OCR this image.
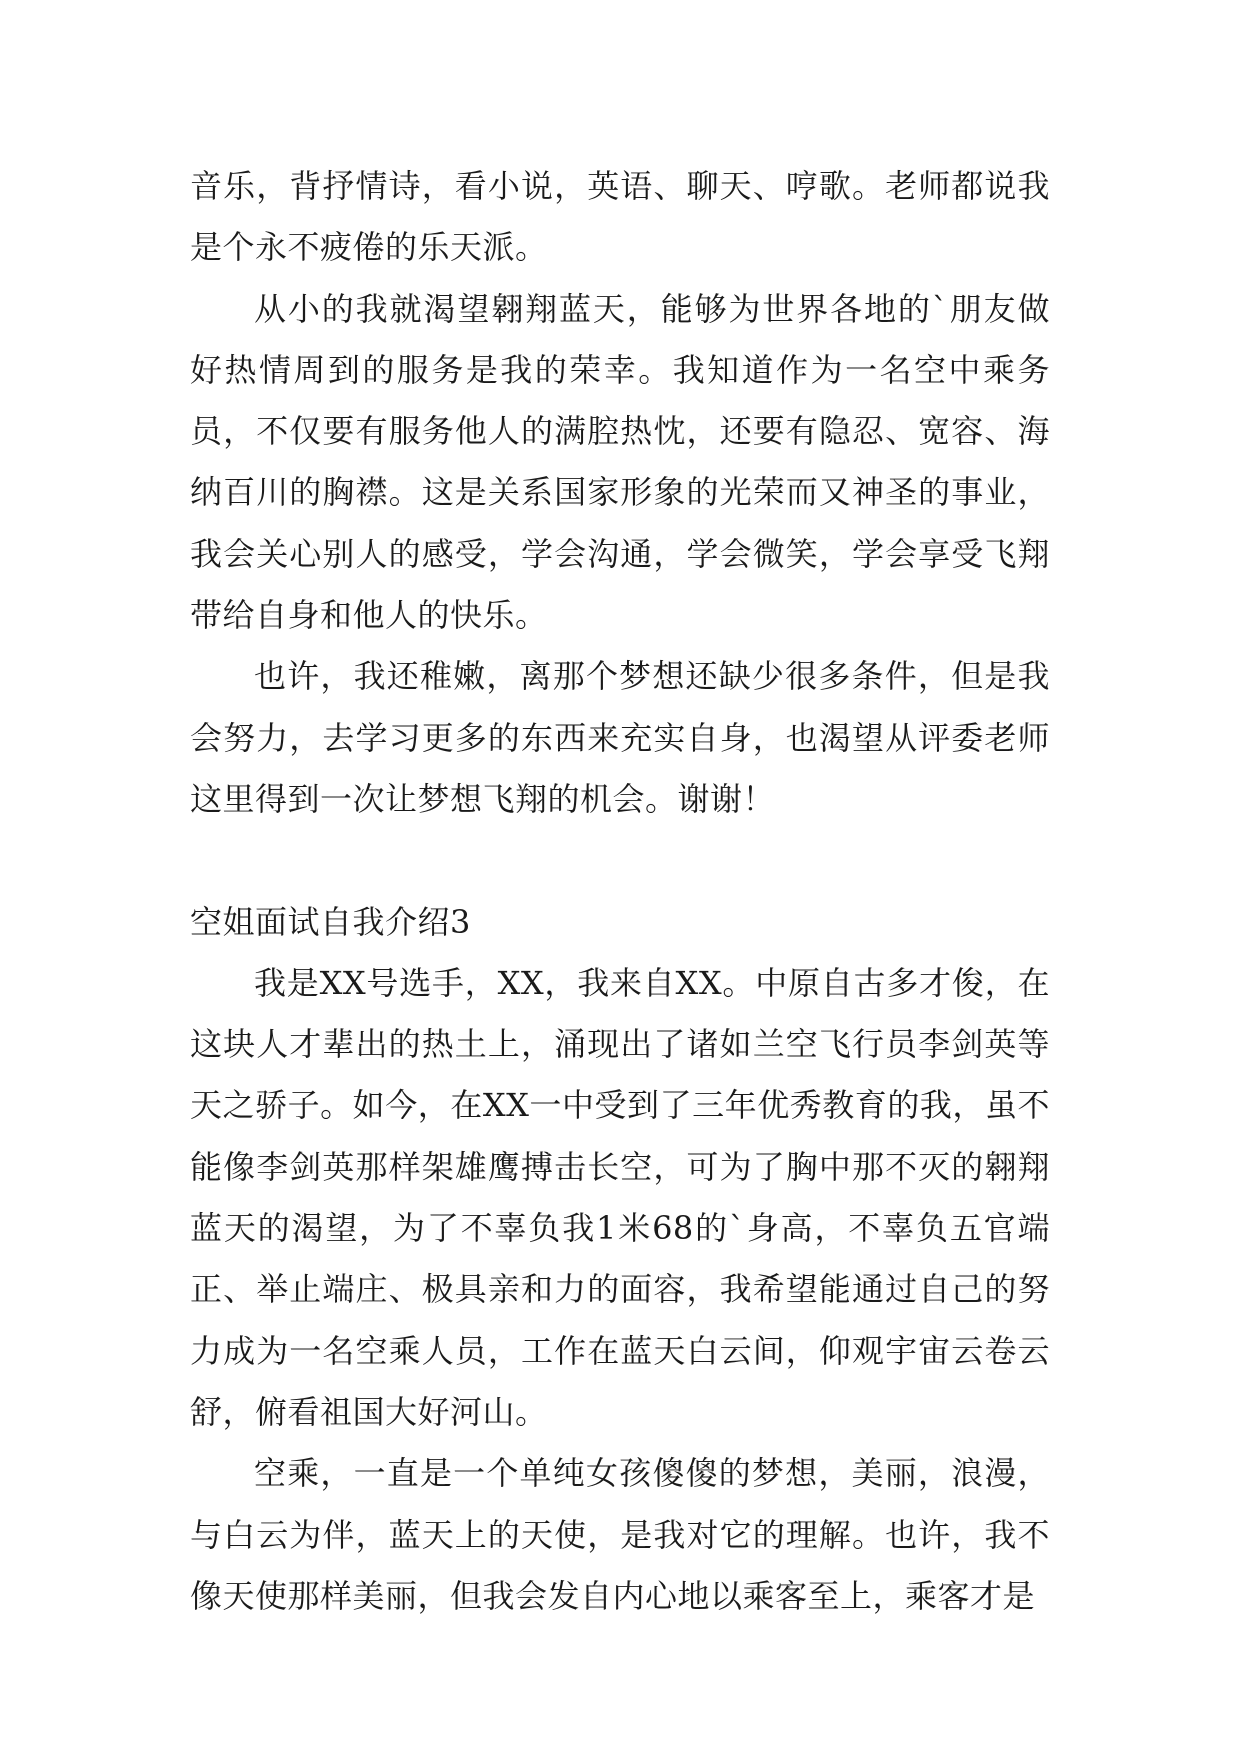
音乐，背抒情诗，看小说，英语、聊天、哼歌。老师都说我是个永不疲倦的乐天派。

从小的我就渴望翱翔蓝天，能够为世界各地的`朋友做好热情周到的服务是我的荣幸。我知道作为一名空中乘务员，不仅要有服务他人的满腔热忱，还要有隐忍、宽容、海纳百川的胸襟。这是关系国家形象的光荣而又神圣的事业，我会关心别人的感受，学会沟通，学会微笑，学会享受飞翔带给自身和他人的快乐。

也许，我还稚嫩，离那个梦想还缺少很多条件，但是我会努力，去学习更多的东西来充实自身，也渴望从评委老师这里得到一次让梦想飞翔的机会。谢谢！

空姐面试自我介绍3

我是XX号选手，XX，我来自XX。中原自古多才俊，在这块人才辈出的热土上，涌现出了诸如兰空飞行员李剑英等天之骄子。如今，在XX一中受到了三年优秀教育的我，虽不能像李剑英那样架雄鹰搏击长空，可为了胸中那不灭的翱翔蓝天的渴望，为了不辜负我1米68的`身高，不辜负五官端正、举止端庄、极具亲和力的面容，我希望能通过自己的努力成为一名空乘人员，工作在蓝天白云间，仰观宇宙云卷云舒，俯看祖国大好河山。

空乘，一直是一个单纯女孩傻傻的梦想，美丽，浪漫，与白云为伴，蓝天上的天使，是我对它的理解。也许，我不像天使那样美丽，但我会发自内心地以乘客至上，乘客才是
